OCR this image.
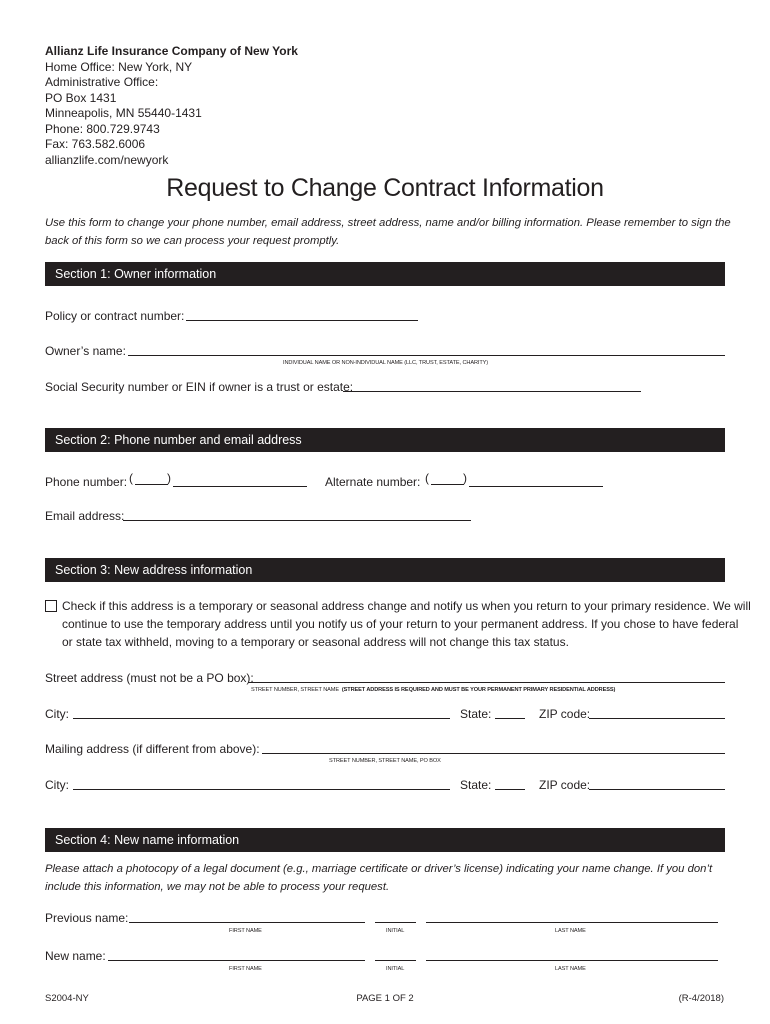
Allianz Life Insurance Company of New York
Home Office: New York, NY
Administrative Office:
PO Box 1431
Minneapolis, MN 55440-1431
Phone: 800.729.9743
Fax: 763.582.6006
allianzlife.com/newyork
Request to Change Contract Information
Use this form to change your phone number, email address, street address, name and/or billing information. Please remember to sign the back of this form so we can process your request promptly.
Section 1: Owner information
Policy or contract number:
Owner’s name:
INDIVIDUAL NAME OR NON-INDIVIDUAL NAME (LLC, TRUST, ESTATE, CHARITY)
Social Security number or EIN if owner is a trust or estate:
Section 2: Phone number and email address
Phone number: (	)	Alternate number: (	)
Email address:
Section 3: New address information
Check if this address is a temporary or seasonal address change and notify us when you return to your primary residence. We will
continue to use the temporary address until you notify us of your return to your permanent address. If you chose to have federal
or state tax withheld, moving to a temporary or seasonal address will not change this tax status.
Street address (must not be a PO box):
STREET NUMBER, STREET NAME (STREET ADDRESS IS REQUIRED AND MUST BE YOUR PERMANENT PRIMARY RESIDENTIAL ADDRESS)
City:	State:	ZIP code:
Mailing address (if different from above):
STREET NUMBER, STREET NAME, PO BOX
City:	State:	ZIP code:
Section 4: New name information
Please attach a photocopy of a legal document (e.g., marriage certificate or driver’s license) indicating your name change. If you don’t
include this information, we may not be able to process your request.
Previous name:
FIRST NAME	INITIAL	LAST NAME
New name:
FIRST NAME	INITIAL	LAST NAME
S2004-NY	PAGE 1 OF 2	(R-4/2018)
